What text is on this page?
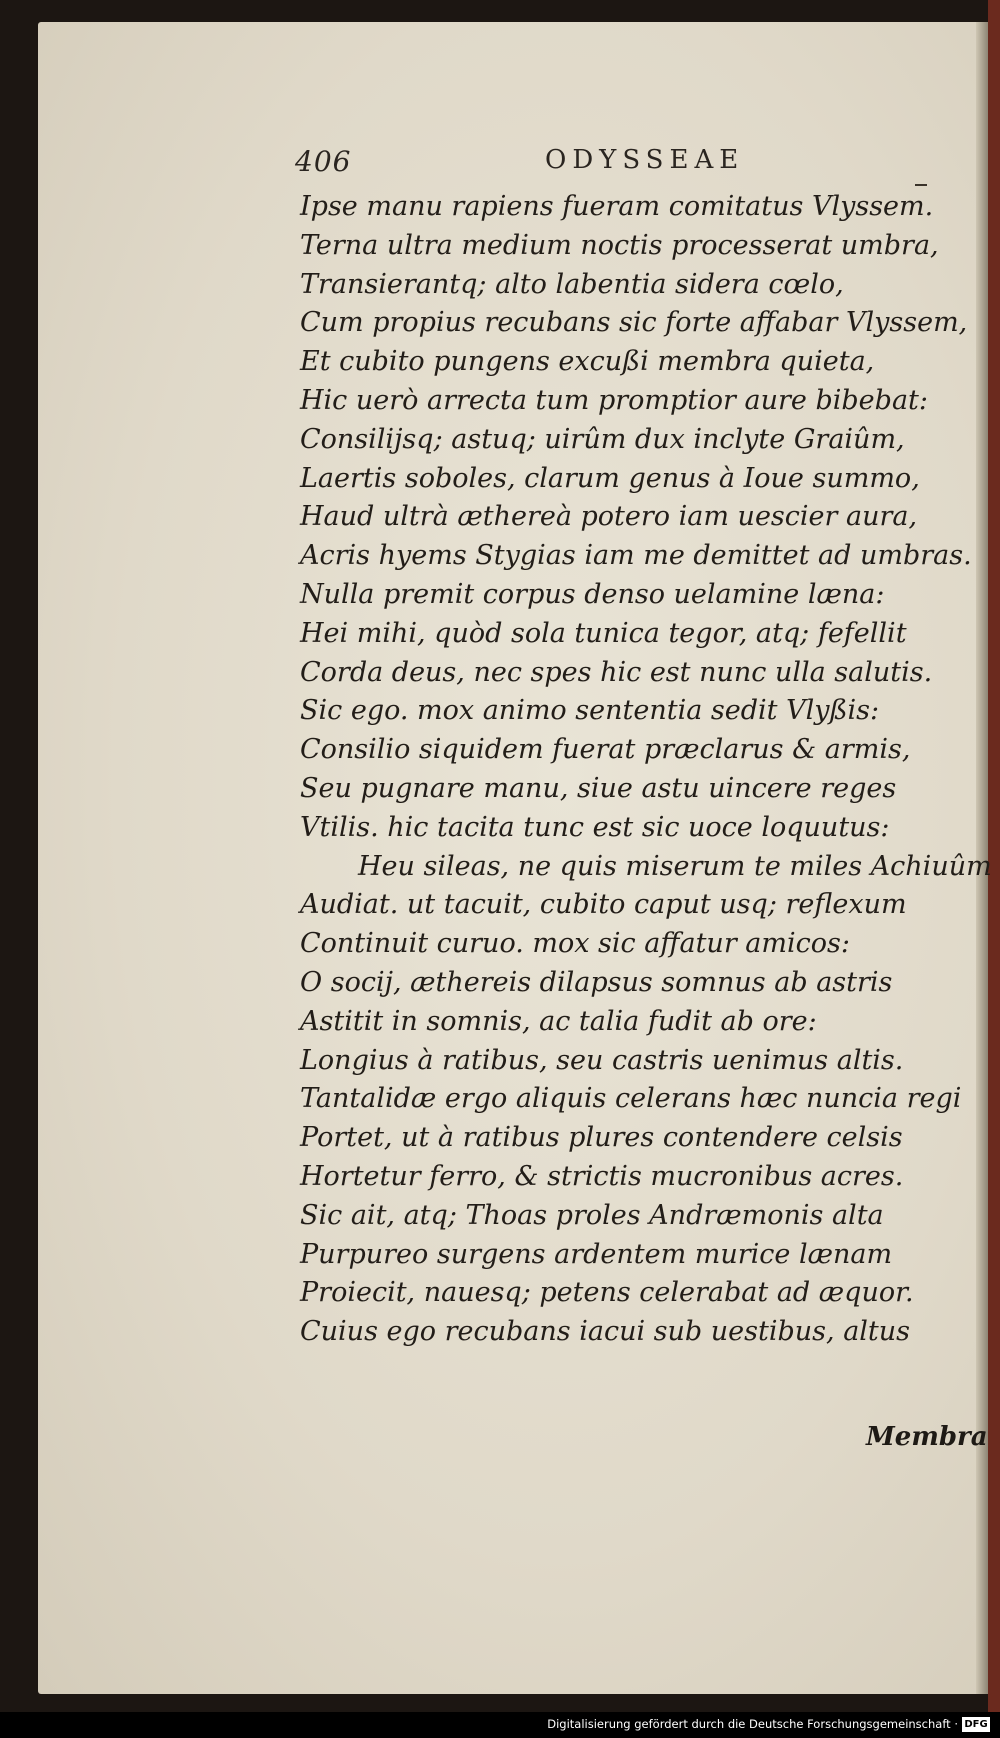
406	ODYSSEAE
Ipse manu rapiens fueram comitatus Vlyssem.
Terna ultra medium noctis processerat umbra,
Transierantq; alto labentia sidera cœlo,
Cum propius recubans sic forte affabar Vlyssem,
Et cubito pungens excußi membra quieta,
Hic uerò arrecta tum promptior aure bibebat:
Consilijsq; astuq; uirûm dux inclyte Graiûm,
Laertis soboles, clarum genus à Ioue summo,
Haud ultrà æthereà potero iam uescier aura,
Acris hyems Stygias iam me demittet ad umbras.
Nulla premit corpus denso uelamine læna:
Hei mihi, quòd sola tunica tegor, atq; fefellit
Corda deus, nec spes hic est nunc ulla salutis.
Sic ego. mox animo sententia sedit Vlyßis:
Consilio siquidem fuerat præclarus & armis,
Seu pugnare manu, siue astu uincere reges
Vtilis. hic tacita tunc est sic uoce loquutus:
Heu sileas, ne quis miserum te miles Achiuûm
Audiat. ut tacuit, cubito caput usq; reflexum
Continuit curuo. mox sic affatur amicos:
O socij, æthereis dilapsus somnus ab astris
Astitit in somnis, ac talia fudit ab ore:
Longius à ratibus, seu castris uenimus altis.
Tantalidæ ergo aliquis celerans hæc nuncia regi
Portet, ut à ratibus plures contendere celsis
Hortetur ferro, & strictis mucronibus acres.
Sic ait, atq; Thoas proles Andræmonis alta
Purpureo surgens ardentem murice lænam
Proiecit, nauesq; petens celerabat ad æquor.
Cuius ego recubans iacui sub uestibus, altus
Membra
Digitalisierung gefördert durch die Deutsche Forschungsgemeinschaft · DFG
